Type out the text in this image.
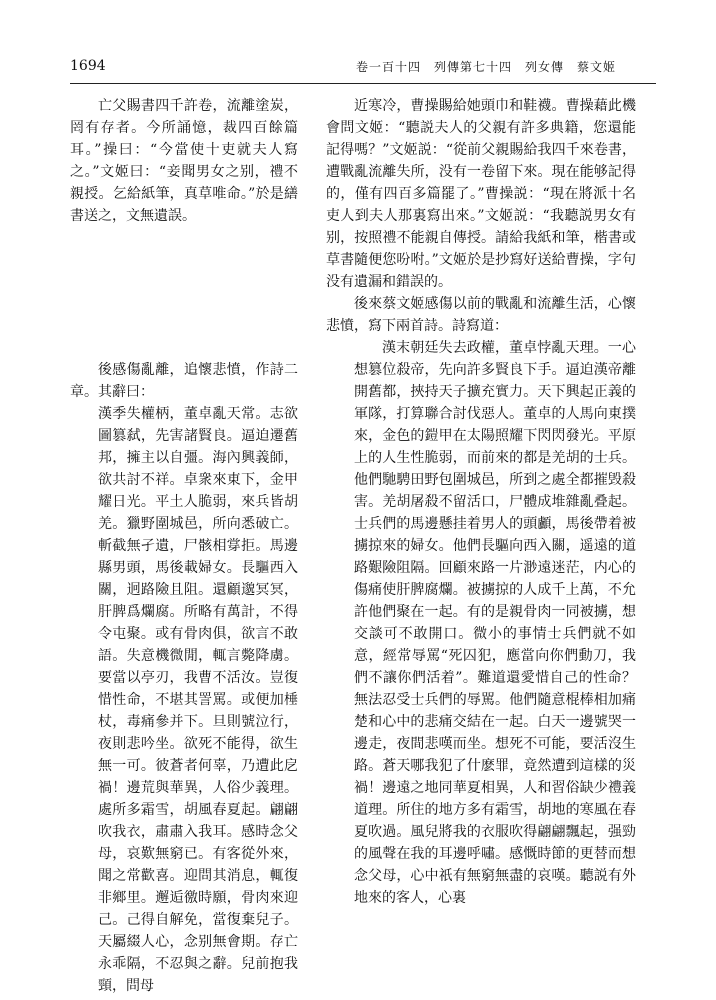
1694	卷一百十四　列傳第七十四　列女傳　蔡文姬

亡父賜書四千許卷，流離塗炭，罔有存者。今所誦憶，裁四百餘篇耳。”操曰：“今當使十吏就夫人寫之。”文姬曰：“妾聞男女之别，禮不親授。乞給紙筆，真草唯命。”於是繕書送之，文無遺誤。

後感傷亂離，追懷悲憤，作詩二章。其辭曰：

漢季失權柄，董卓亂天常。志欲圖篡弑，先害諸賢良。逼迫遷舊邦，擁主以自彊。海內興義師，欲共討不祥。卓衆來東下，金甲耀日光。平土人脆弱，來兵皆胡羌。獵野圍城邑，所向悉破亡。斬截無孑遺，尸骸相牚拒。馬邊縣男頭，馬後載婦女。長驅西入關，迥路險且阻。還顧邈冥冥，肝脾爲爛腐。所略有萬計，不得令屯聚。或有骨肉俱，欲言不敢語。失意機微閒，輒言斃降虜。要當以亭刃，我曹不活汝。豈復惜性命，不堪其詈罵。或便加棰杖，毒痛參并下。旦則號泣行，夜則悲吟坐。欲死不能得，欲生無一可。彼蒼者何辜，乃遭此戹禍！邊荒與華異，人俗少義理。處所多霜雪，胡風春夏起。翩翩吹我衣，肅肅入我耳。感時念父母，哀歎無窮已。有客從外來，聞之常歡喜。迎問其消息，輒復非鄉里。邂逅徼時願，骨肉來迎己。己得自解免，當復棄兒子。天屬綴人心，念别無會期。存亡永乖隔，不忍與之辭。兒前抱我頸，問母

近寒冷，曹操賜給她頭巾和鞋襪。曹操藉此機會問文姬：“聽説夫人的父親有許多典籍，您還能記得嗎？”文姬説：“從前父親賜給我四千來卷書，遭戰亂流離失所，没有一卷留下來。現在能够記得的，僅有四百多篇罷了。”曹操説：“現在將派十名吏人到夫人那裏寫出來。”文姬説：“我聽説男女有别，按照禮不能親自傳授。請給我紙和筆，楷書或草書隨便您吩咐。”文姬於是抄寫好送給曹操，字句没有遺漏和錯誤的。

後來蔡文姬感傷以前的戰亂和流離生活，心懷悲憤，寫下兩首詩。詩寫道：

漢末朝廷失去政權，董卓悖亂天理。一心想篡位殺帝，先向許多賢良下手。逼迫漢帝離開舊都，挾持天子擴充實力。天下興起正義的軍隊，打算聯合討伐惡人。董卓的人馬向東撲來，金色的鎧甲在太陽照耀下閃閃發光。平原上的人生性脆弱，而前來的都是羌胡的士兵。他們馳騁田野包圍城邑，所到之處全都摧毁殺害。羌胡屠殺不留活口，尸體成堆雜亂叠起。士兵們的馬邊懸挂着男人的頭顱，馬後帶着被擄掠來的婦女。他們長驅向西入關，遥遠的道路艱險阻隔。回顧來路一片渺遠迷茫，内心的傷痛使肝脾腐爛。被擄掠的人成千上萬，不允許他們聚在一起。有的是親骨肉一同被擄，想交談可不敢開口。微小的事情士兵們就不如意，經常辱罵“死囚犯，應當向你們動刀，我們不讓你們活着”。難道還愛惜自己的性命？無法忍受士兵們的辱駡。他們隨意棍棒相加痛楚和心中的悲痛交結在一起。白天一邊號哭一邊走，夜間悲嘆而坐。想死不可能，要活沒生路。蒼天哪我犯了什麽罪，竟然遭到這樣的災禍！邊遠之地同華夏相異，人和習俗缺少禮義道理。所住的地方多有霜雪，胡地的寒風在春夏吹過。風兒將我的衣服吹得翩翩飄起，强勁的風聲在我的耳邊呼嘯。感慨時節的更替而想念父母，心中祇有無窮無盡的哀嘆。聽説有外地來的客人，心裏
